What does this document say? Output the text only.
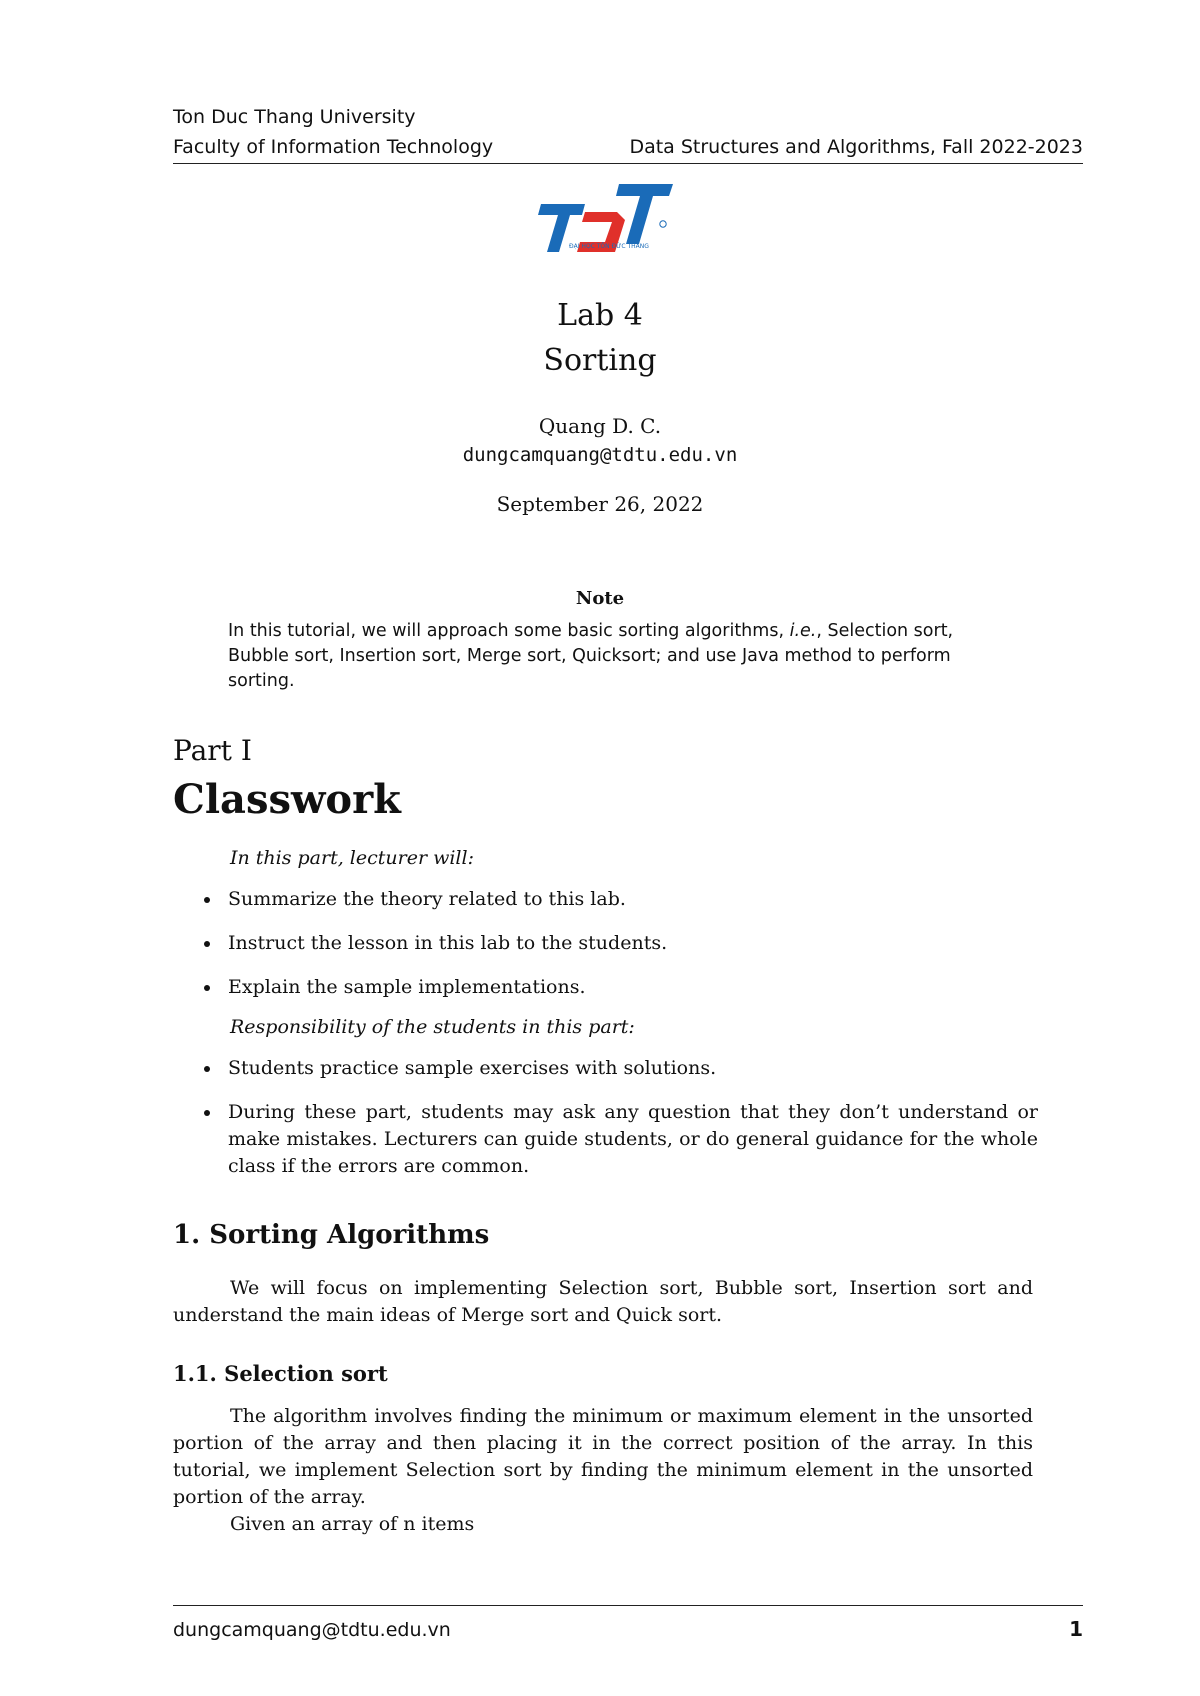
Ton Duc Thang University
Faculty of Information Technology	Data Structures and Algorithms, Fall 2022-2023
ĐẠI HỌC TÔN ĐỨC THẮNG
Lab 4
Sorting
Quang D. C.
dungcamquang@tdtu.edu.vn
September 26, 2022
Note
In this tutorial, we will approach some basic sorting algorithms, i.e., Selection sort, Bubble sort, Insertion sort, Merge sort, Quicksort; and use Java method to perform sorting.
Part I
Classwork
In this part, lecturer will:
Summarize the theory related to this lab.
Instruct the lesson in this lab to the students.
Explain the sample implementations.
Responsibility of the students in this part:
Students practice sample exercises with solutions.
During these part, students may ask any question that they don’t understand or make mistakes. Lecturers can guide students, or do general guidance for the whole class if the errors are common.
1. Sorting Algorithms
We will focus on implementing Selection sort, Bubble sort, Insertion sort and understand the main ideas of Merge sort and Quick sort.
1.1. Selection sort
The algorithm involves finding the minimum or maximum element in the unsorted portion of the array and then placing it in the correct position of the array. In this tutorial, we implement Selection sort by finding the minimum element in the unsorted portion of the array.
Given an array of n items
dungcamquang@tdtu.edu.vn	1
